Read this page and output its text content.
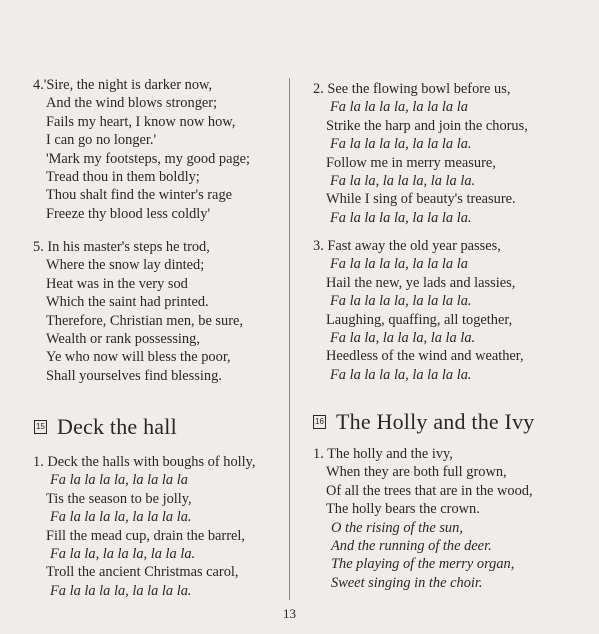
4.'Sire, the night is darker now,
And the wind blows stronger;
Fails my heart, I know now how,
I can go no longer.'
'Mark my footsteps, my good page;
Tread thou in them boldly;
Thou shalt find the winter's rage
Freeze thy blood less coldly'
5. In his master's steps he trod,
Where the snow lay dinted;
Heat was in the very sod
Which the saint had printed.
Therefore, Christian men, be sure,
Wealth or rank possessing,
Ye who now will bless the poor,
Shall yourselves find blessing.
15 Deck the hall
1. Deck the halls with boughs of holly,
Fa la la la la, la la la la
Tis the season to be jolly,
Fa la la la la, la la la la.
Fill the mead cup, drain the barrel,
Fa la la, la la la, la la la.
Troll the ancient Christmas carol,
Fa la la la la, la la la la.
2. See the flowing bowl before us,
Fa la la la la, la la la la
Strike the harp and join the chorus,
Fa la la la la, la la la la.
Follow me in merry measure,
Fa la la, la la la, la la la.
While I sing of beauty's treasure.
Fa la la la la, la la la la.
3. Fast away the old year passes,
Fa la la la la, la la la la
Hail the new, ye lads and lassies,
Fa la la la la, la la la la.
Laughing, quaffing, all together,
Fa la la, la la la, la la la.
Heedless of the wind and weather,
Fa la la la la, la la la la.
16 The Holly and the Ivy
1. The holly and the ivy,
When they are both full grown,
Of all the trees that are in the wood,
The holly bears the crown.
O the rising of the sun,
And the running of the deer.
The playing of the merry organ,
Sweet singing in the choir.
13
